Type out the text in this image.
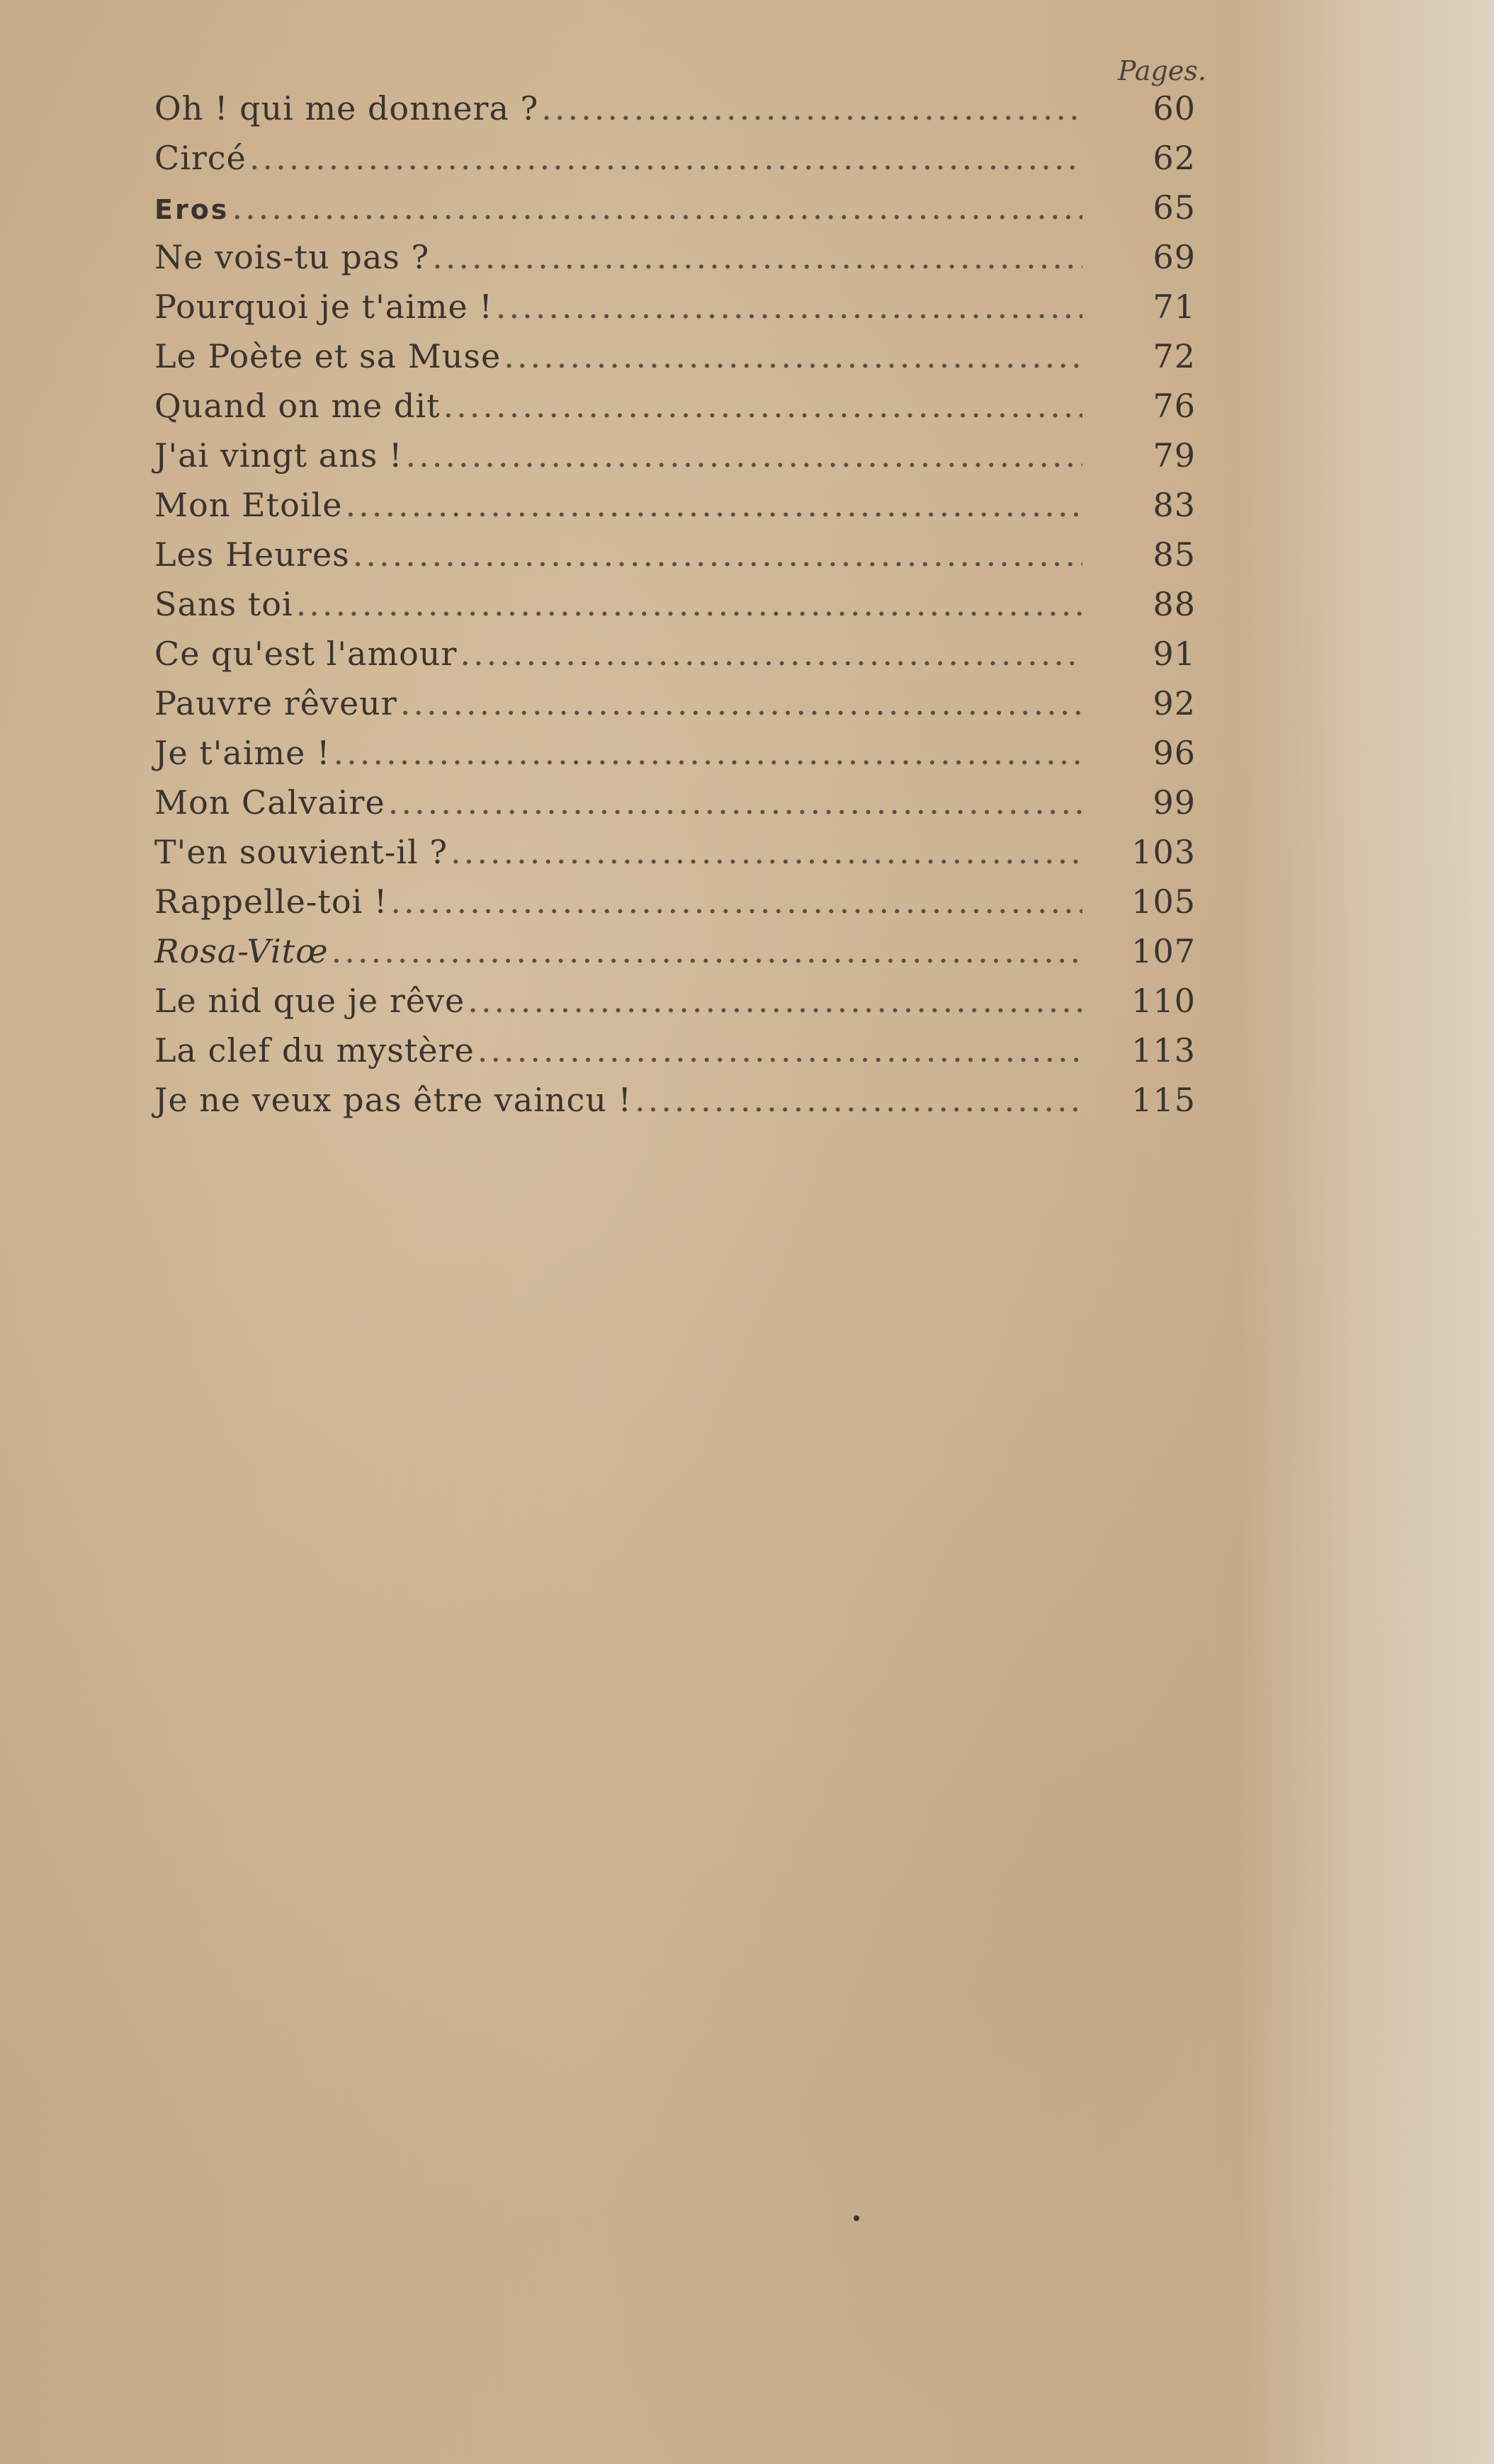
Pages.
Oh ! qui me donnera ? .....	60
Circé .....	62
Eros .....	65
Ne vois-tu pas ? .....	69
Pourquoi je t'aime ! .....	71
Le Poète et sa Muse .....	72
Quand on me dit .....	76
J'ai vingt ans ! .....	79
Mon Etoile .....	83
Les Heures .....	85
Sans toi .....	88
Ce qu'est l'amour .....	91
Pauvre rêveur .....	92
Je t'aime ! .....	96
Mon Calvaire .....	99
T'en souvient-il ? .....	103
Rappelle-toi ! .....	105
Rosa-Vitœ .....	107
Le nid que je rêve .....	110
La clef du mystère .....	113
Je ne veux pas être vaincu ! .....	115
